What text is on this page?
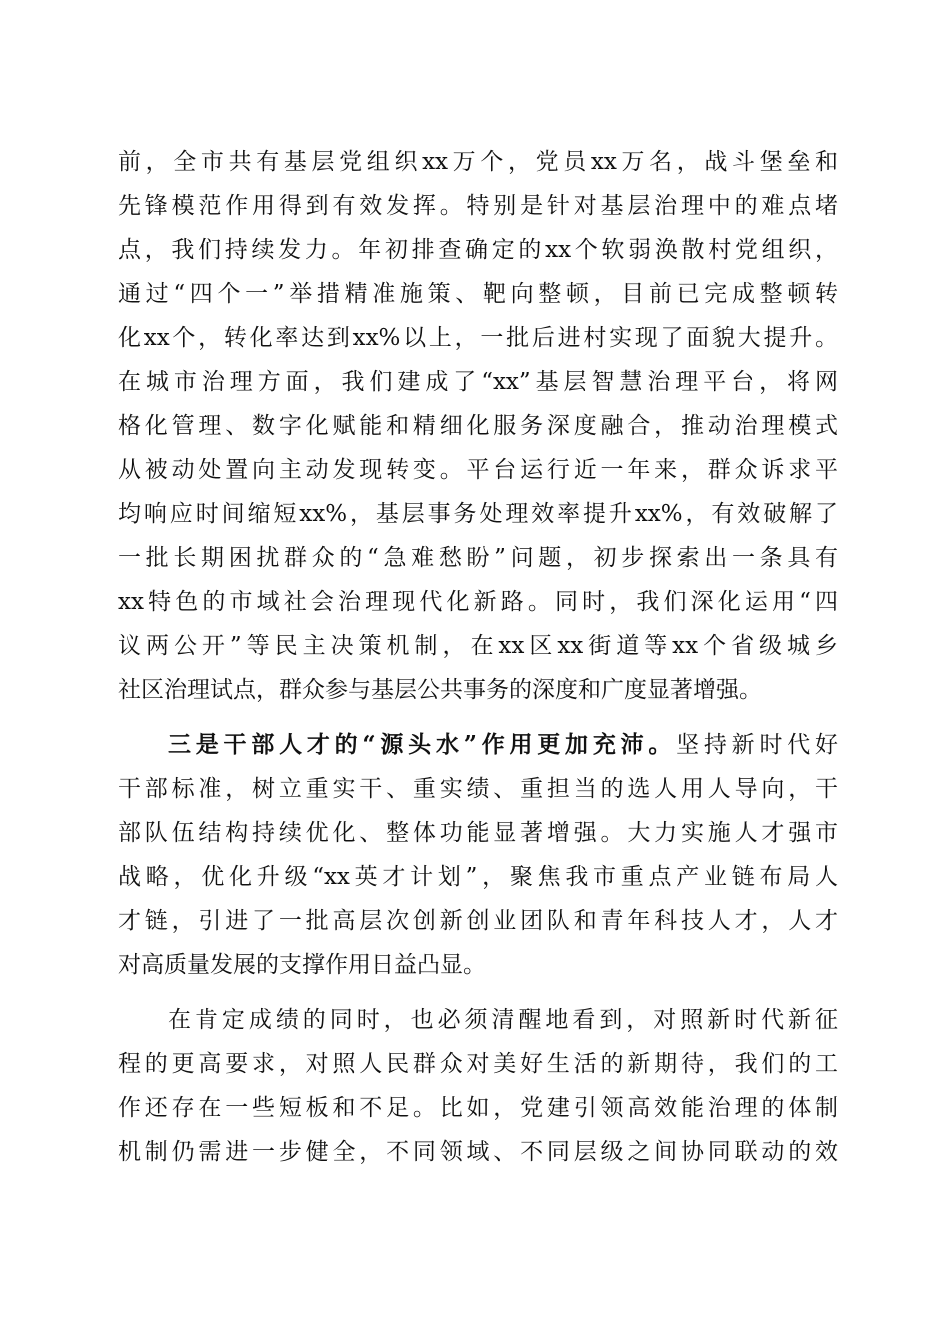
前，全市共有基层党组织xx万个，党员xx万名，战斗堡垒和
先锋模范作用得到有效发挥。特别是针对基层治理中的难点堵
点，我们持续发力。年初排查确定的xx个软弱涣散村党组织，
通过“四个一”举措精准施策、靶向整顿，目前已完成整顿转
化xx个，转化率达到xx%以上，一批后进村实现了面貌大提升。
在城市治理方面，我们建成了“xx”基层智慧治理平台，将网
格化管理、数字化赋能和精细化服务深度融合，推动治理模式
从被动处置向主动发现转变。平台运行近一年来，群众诉求平
均响应时间缩短xx%，基层事务处理效率提升xx%，有效破解了
一批长期困扰群众的“急难愁盼”问题，初步探索出一条具有
xx特色的市域社会治理现代化新路。同时，我们深化运用“四
议两公开”等民主决策机制，在xx区xx街道等xx个省级城乡
社区治理试点，群众参与基层公共事务的深度和广度显著增强。
三是干部人才的“源头水”作用更加充沛。坚持新时代好
干部标准，树立重实干、重实绩、重担当的选人用人导向，干
部队伍结构持续优化、整体功能显著增强。大力实施人才强市
战略，优化升级“xx英才计划”，聚焦我市重点产业链布局人
才链，引进了一批高层次创新创业团队和青年科技人才，人才
对高质量发展的支撑作用日益凸显。
在肯定成绩的同时，也必须清醒地看到，对照新时代新征
程的更高要求，对照人民群众对美好生活的新期待，我们的工
作还存在一些短板和不足。比如，党建引领高效能治理的体制
机制仍需进一步健全，不同领域、不同层级之间协同联动的效
